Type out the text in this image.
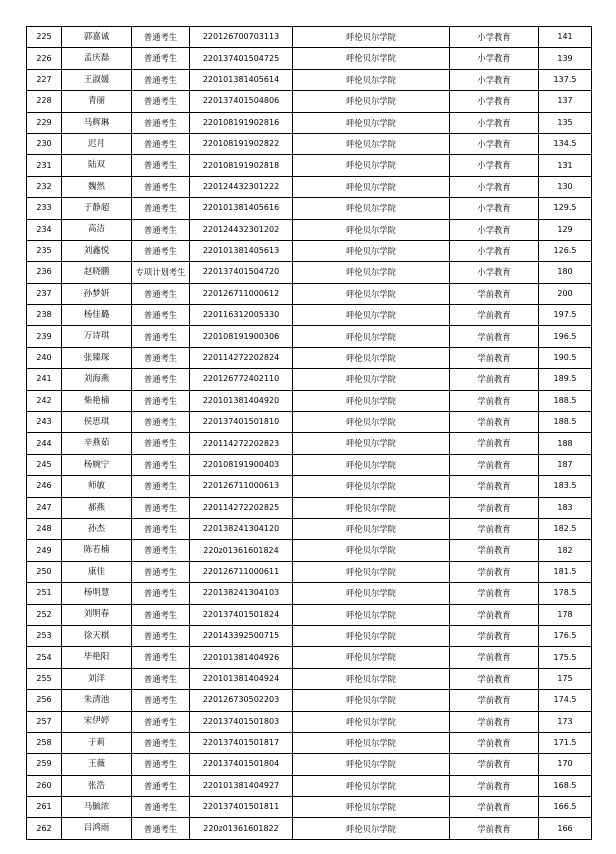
225	郭嘉诚	普通考生	220126700703113	呼伦贝尔学院	小学教育	141
226	孟庆磊	普通考生	220137401504725	呼伦贝尔学院	小学教育	139
227	王淑媛	普通考生	220101381405614	呼伦贝尔学院	小学教育	137.5
228	青丽	普通考生	220137401504806	呼伦贝尔学院	小学教育	137
229	马辉琳	普通考生	220108191902816	呼伦贝尔学院	小学教育	135
230	迟月	普通考生	220108191902822	呼伦贝尔学院	小学教育	134.5
231	陆双	普通考生	220108191902818	呼伦贝尔学院	小学教育	131
232	魏然	普通考生	220124432301222	呼伦贝尔学院	小学教育	130
233	于静超	普通考生	220101381405616	呼伦贝尔学院	小学教育	129.5
234	高洁	普通考生	220124432301202	呼伦贝尔学院	小学教育	129
235	刘鑫悦	普通考生	220101381405613	呼伦贝尔学院	小学教育	126.5
236	赵晓鹏	专项计划考生	220137401504720	呼伦贝尔学院	小学教育	180
237	孙梦妍	普通考生	220126711000612	呼伦贝尔学院	学前教育	200
238	杨佳璐	普通考生	220116312005330	呼伦贝尔学院	学前教育	197.5
239	万诗琪	普通考生	220108191900306	呼伦贝尔学院	学前教育	196.5
240	张臻琛	普通考生	220114272202824	呼伦贝尔学院	学前教育	190.5
241	刘海燕	普通考生	220126772402110	呼伦贝尔学院	学前教育	189.5
242	柴艳楠	普通考生	220101381404920	呼伦贝尔学院	学前教育	188.5
243	侯思琪	普通考生	220137401501810	呼伦贝尔学院	学前教育	188.5
244	辛燕茹	普通考生	220114272202823	呼伦贝尔学院	学前教育	188
245	杨婉宁	普通考生	220108191900403	呼伦贝尔学院	学前教育	187
246	师敏	普通考生	220126711000613	呼伦贝尔学院	学前教育	183.5
247	郝燕	普通考生	220114272202825	呼伦贝尔学院	学前教育	183
248	孙杰	普通考生	220138241304120	呼伦贝尔学院	学前教育	182.5
249	陈若楠	普通考生	220z01361601824	呼伦贝尔学院	学前教育	182
250	康佳	普通考生	220126711000611	呼伦贝尔学院	学前教育	181.5
251	杨明慧	普通考生	220138241304103	呼伦贝尔学院	学前教育	178.5
252	刘明春	普通考生	220137401501824	呼伦贝尔学院	学前教育	178
253	徐天棋	普通考生	220143392500715	呼伦贝尔学院	学前教育	176.5
254	毕艳阳	普通考生	220101381404926	呼伦贝尔学院	学前教育	175.5
255	刘洋	普通考生	220101381404924	呼伦贝尔学院	学前教育	175
256	朱清池	普通考生	220126730502203	呼伦贝尔学院	学前教育	174.5
257	宋伊婷	普通考生	220137401501803	呼伦贝尔学院	学前教育	173
258	于莉	普通考生	220137401501817	呼伦贝尔学院	学前教育	171.5
259	王薇	普通考生	220137401501804	呼伦贝尔学院	学前教育	170
260	张浩	普通考生	220101381404927	呼伦贝尔学院	学前教育	168.5
261	马毓浓	普通考生	220137401501811	呼伦贝尔学院	学前教育	166.5
262	吕鸿雨	普通考生	220z01361601822	呼伦贝尔学院	学前教育	166
